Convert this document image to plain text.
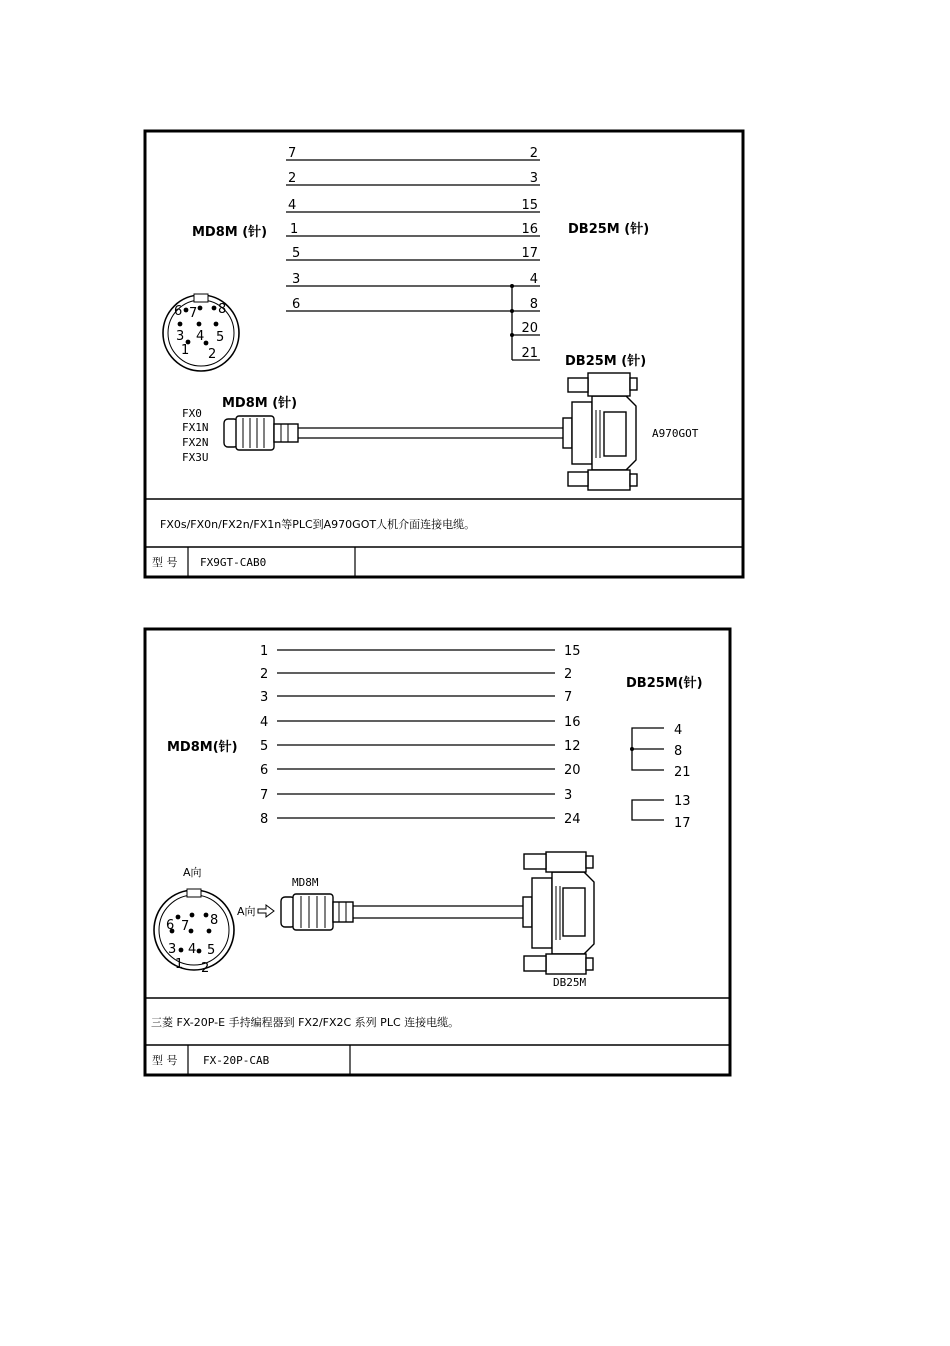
7
2
4
1
5
3
6
2
3
15
16
17
4
8
20
21
MD8M (针)	DB25M (针)
6 7 8
3 4 5
1 2
MD8M (针)
DB25M (针)
FX0
FX1N
FX2N
FX3U
A970GOT
FX0s/FX0n/FX2n/FX1n等PLC到A970GOT人机介面连接电缆。
型 号 FX9GT-CAB0
1
2
3
4
5
6
7
8
15
2
7
16
12
20
3
24
MD8M(针)
DB25M(针)
4
8
21
13
17
A向
6 7 8
3 4 5
1 2
A向
MD8M
DB25M
三菱 FX-20P-E 手持编程器到 FX2/FX2C 系列 PLC 连接电缆。
型 号 FX-20P-CAB
